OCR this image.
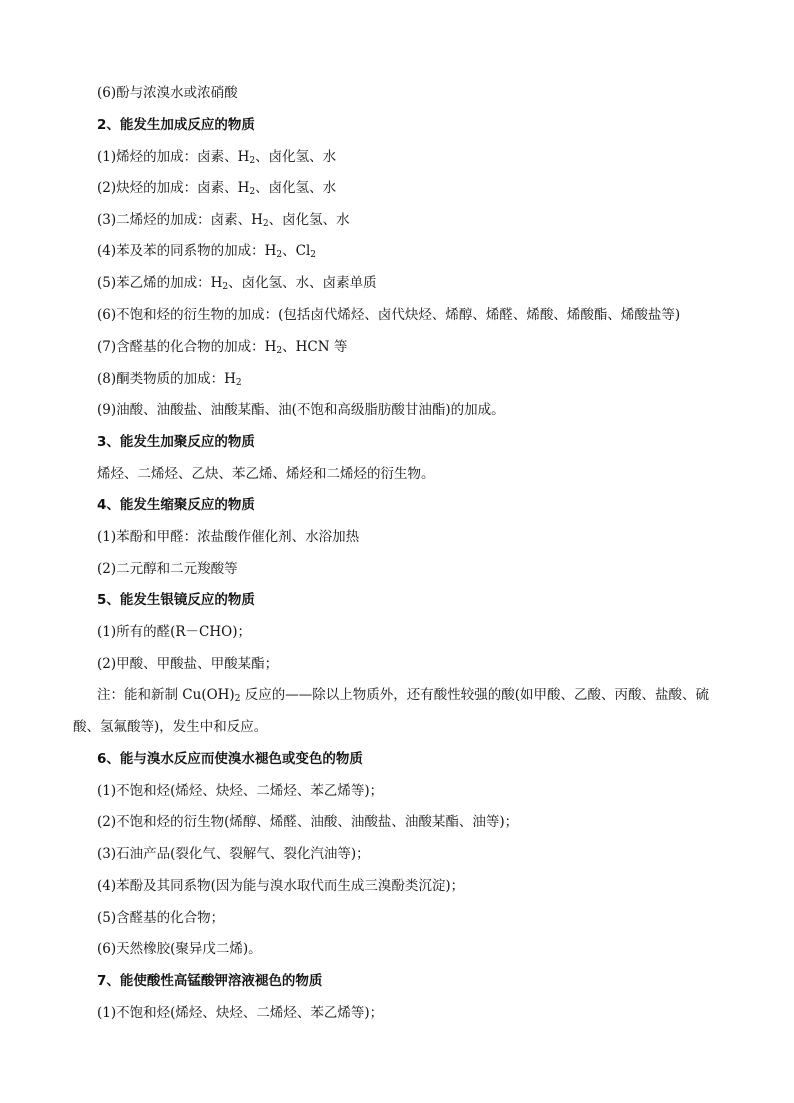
(6)酚与浓溴水或浓硝酸
2、能发生加成反应的物质
(1)烯烃的加成：卤素、$H_2$、卤化氢、水
(2)炔烃的加成：卤素、$H_2$、卤化氢、水
(3)二烯烃的加成：卤素、$H_2$、卤化氢、水
(4)苯及苯的同系物的加成：$H_2$、$Cl_2$
(5)苯乙烯的加成：$H_2$、卤化氢、水、卤素单质
(6)不饱和烃的衍生物的加成：(包括卤代烯烃、卤代炔烃、烯醇、烯醛、烯酸、烯酸酯、烯酸盐等)
(7)含醛基的化合物的加成：$H_2$、HCN 等
(8)酮类物质的加成：$H_2$
(9)油酸、油酸盐、油酸某酯、油(不饱和高级脂肪酸甘油酯)的加成。
3、能发生加聚反应的物质
烯烃、二烯烃、乙炔、苯乙烯、烯烃和二烯烃的衍生物。
4、能发生缩聚反应的物质
(1)苯酚和甲醛：浓盐酸作催化剂、水浴加热
(2)二元醇和二元羧酸等
5、能发生银镜反应的物质
(1)所有的醛(R－CHO)；
(2)甲酸、甲酸盐、甲酸某酯；
注：能和新制 $Cu(OH)_2$ 反应的——除以上物质外，还有酸性较强的酸(如甲酸、乙酸、丙酸、盐酸、硫
酸、氢氟酸等)，发生中和反应。
6、能与溴水反应而使溴水褪色或变色的物质
(1)不饱和烃(烯烃、炔烃、二烯烃、苯乙烯等)；
(2)不饱和烃的衍生物(烯醇、烯醛、油酸、油酸盐、油酸某酯、油等)；
(3)石油产品(裂化气、裂解气、裂化汽油等)；
(4)苯酚及其同系物(因为能与溴水取代而生成三溴酚类沉淀)；
(5)含醛基的化合物；
(6)天然橡胶(聚异戊二烯)。
7、能使酸性高锰酸钾溶液褪色的物质
(1)不饱和烃(烯烃、炔烃、二烯烃、苯乙烯等)；
